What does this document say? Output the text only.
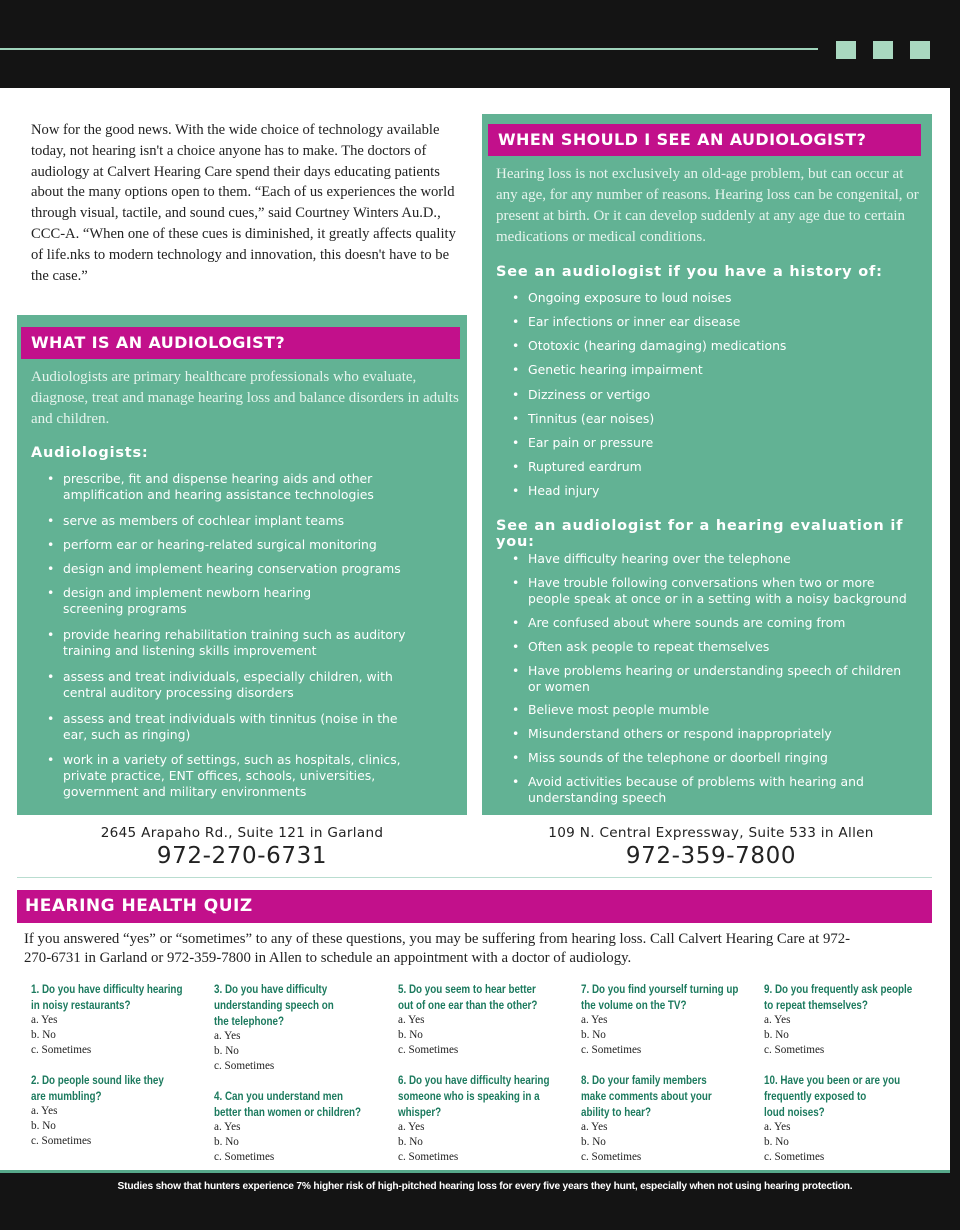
Now for the good news. With the wide choice of technology available today, not hearing isn't a choice anyone has to make. The doctors of audiology at Calvert Hearing Care spend their days educating patients about the many options open to them. “Each of us experiences the world through visual, tactile, and sound cues,” said Courtney Winters Au.D., CCC-A. “When one of these cues is diminished, it greatly affects quality of life.nks to modern technology and innovation, this doesn't have to be the case.”

WHAT IS AN AUDIOLOGIST?

Audiologists are primary healthcare professionals who evaluate, diagnose, treat and manage hearing loss and balance disorders in adults and children.

Audiologists:
• prescribe, fit and dispense hearing aids and other
amplification and hearing assistance technologies
• serve as members of cochlear implant teams
• perform ear or hearing-related surgical monitoring
• design and implement hearing conservation programs
• design and implement newborn hearing
screening programs
• provide hearing rehabilitation training such as auditory
training and listening skills improvement
• assess and treat individuals, especially children, with
central auditory processing disorders
• assess and treat individuals with tinnitus (noise in the
ear, such as ringing)
• work in a variety of settings, such as hospitals, clinics,
private practice, ENT offices, schools, universities,
government and military environments
WHEN SHOULD I SEE AN AUDIOLOGIST?

Hearing loss is not exclusively an old-age problem, but can occur at any age, for any number of reasons. Hearing loss can be congenital, or present at birth. Or it can develop suddenly at any age due to certain medications or medical conditions.

See an audiologist if you have a history of:
• Ongoing exposure to loud noises
• Ear infections or inner ear disease
• Ototoxic (hearing damaging) medications
• Genetic hearing impairment
• Dizziness or vertigo
• Tinnitus (ear noises)
• Ear pain or pressure
• Ruptured eardrum
• Head injury
See an audiologist for a hearing evaluation if you:
• Have difficulty hearing over the telephone
• Have trouble following conversations when two or more
people speak at once or in a setting with a noisy background
• Are confused about where sounds are coming from
• Often ask people to repeat themselves
• Have problems hearing or understanding speech of children
or women
• Believe most people mumble
• Misunderstand others or respond inappropriately
• Miss sounds of the telephone or doorbell ringing
• Avoid activities because of problems with hearing and
understanding speech
2645 Arapaho Rd., Suite 121 in Garland
972-270-6731
109 N. Central Expressway, Suite 533 in Allen
972-359-7800
HEARING HEALTH QUIZ

If you answered “yes” or “sometimes” to any of these questions, you may be suffering from hearing loss. Call Calvert Hearing Care at 972-270-6731 in Garland or 972-359-7800 in Allen to schedule an appointment with a doctor of audiology.

1. Do you have difficulty hearing
in noisy restaurants?
a. Yes
b. No
c. Sometimes
2. Do people sound like they
are mumbling?
a. Yes
b. No
c. Sometimes
3. Do you have difficulty
understanding speech on
the telephone?
a. Yes
b. No
c. Sometimes
4. Can you understand men
better than women or children?
a. Yes
b. No
c. Sometimes
5. Do you seem to hear better
out of one ear than the other?
a. Yes
b. No
c. Sometimes
6. Do you have difficulty hearing
someone who is speaking in a
whisper?
a. Yes
b. No
c. Sometimes
7. Do you find yourself turning up
the volume on the TV?
a. Yes
b. No
c. Sometimes
8. Do your family members
make comments about your
ability to hear?
a. Yes
b. No
c. Sometimes
9. Do you frequently ask people
to repeat themselves?
a. Yes
b. No
c. Sometimes
10. Have you been or are you
frequently exposed to
loud noises?
a. Yes
b. No
c. Sometimes
Studies show that hunters experience 7% higher risk of high-pitched hearing loss for every five years they hunt, especially when not using hearing protection.
